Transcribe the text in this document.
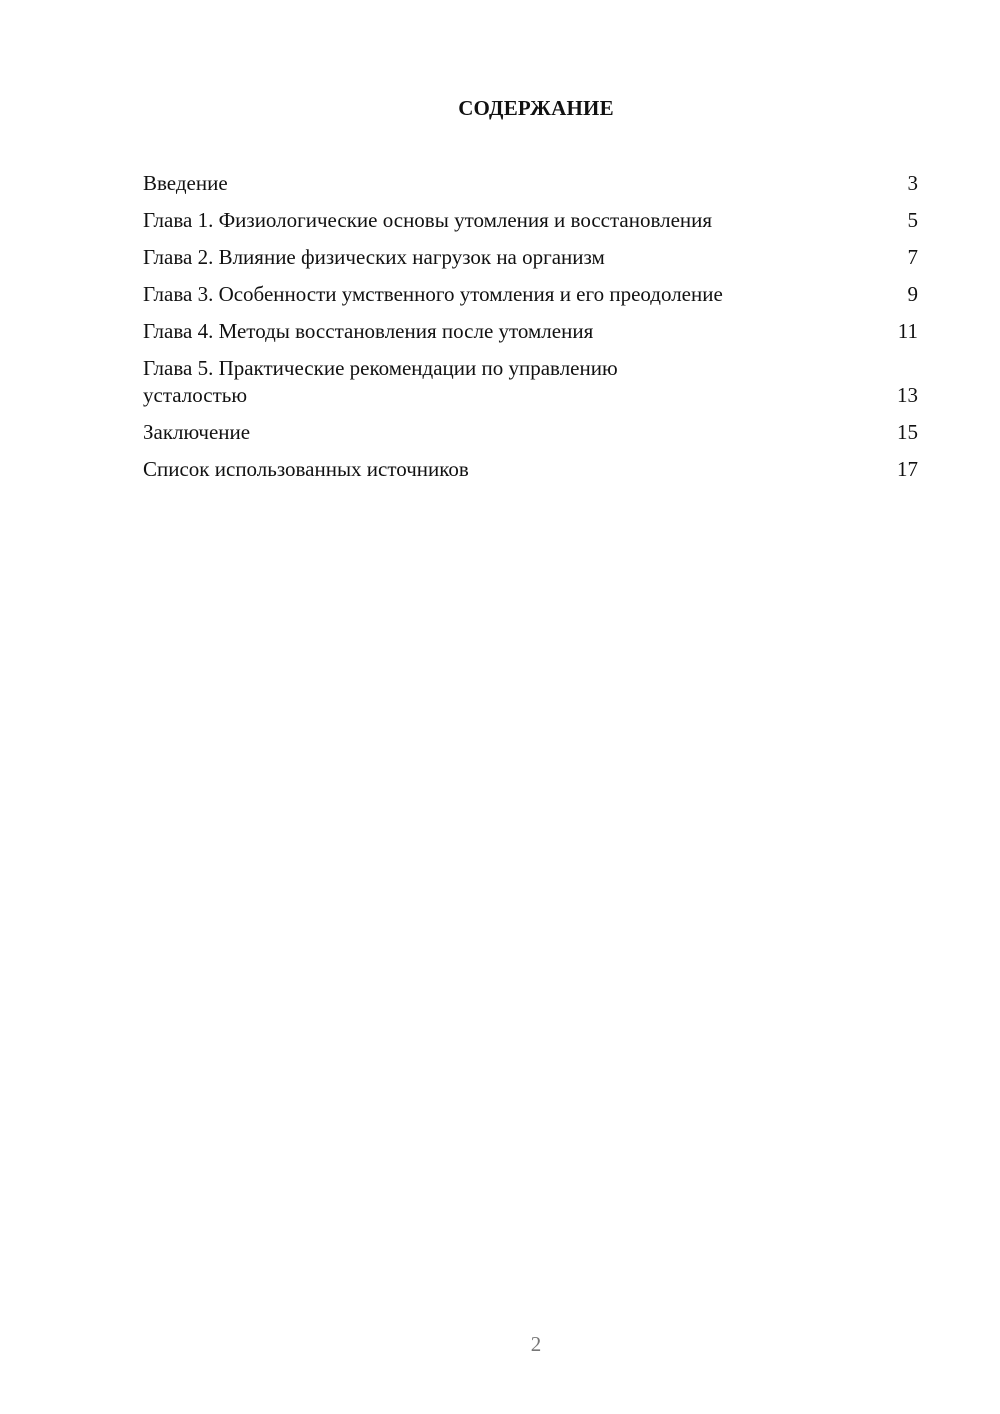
СОДЕРЖАНИЕ
Введение	3
Глава 1. Физиологические основы утомления и восстановления	5
Глава 2. Влияние физических нагрузок на организм	7
Глава 3. Особенности умственного утомления и его преодоление	9
Глава 4. Методы восстановления после утомления	11
Глава 5. Практические рекомендации по управлению усталостью	13
Заключение	15
Список использованных источников	17
2
